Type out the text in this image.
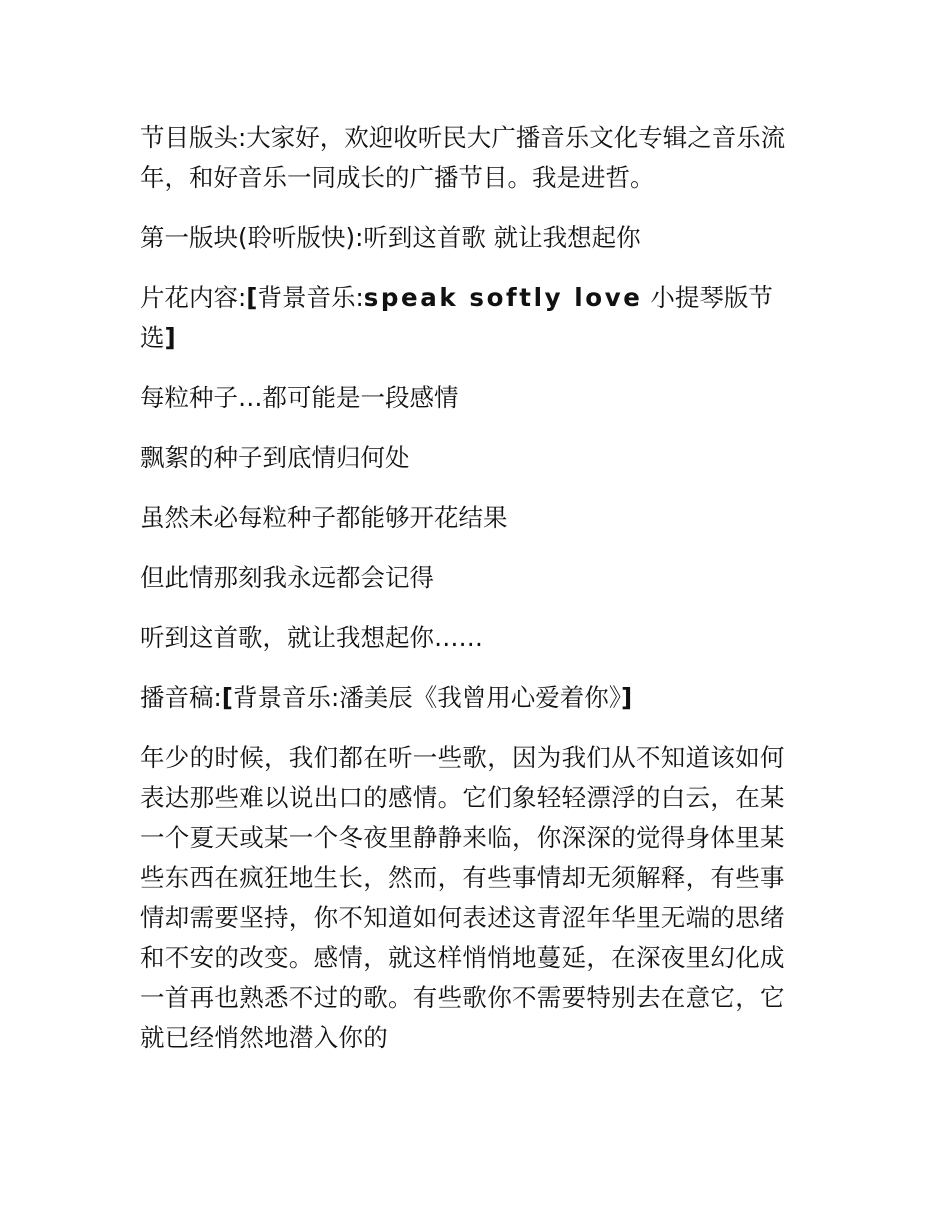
节目版头:大家好，欢迎收听民大广播音乐文化专辑之音乐流年，和好音乐一同成长的广播节目。我是进哲。

第一版块(聆听版快):听到这首歌 就让我想起你

片花内容:[背景音乐:speak softly love 小提琴版节选]

每粒种子…都可能是一段感情

飘絮的种子到底情归何处

虽然未必每粒种子都能够开花结果

但此情那刻我永远都会记得

听到这首歌，就让我想起你……

播音稿:[背景音乐:潘美辰《我曾用心爱着你》]

年少的时候，我们都在听一些歌，因为我们从不知道该如何表达那些难以说出口的感情。它们象轻轻漂浮的白云，在某一个夏天或某一个冬夜里静静来临，你深深的觉得身体里某些东西在疯狂地生长，然而，有些事情却无须解释，有些事情却需要坚持，你不知道如何表述这青涩年华里无端的思绪和不安的改变。感情，就这样悄悄地蔓延，在深夜里幻化成一首再也熟悉不过的歌。有些歌你不需要特别去在意它，它就已经悄然地潜入你的
